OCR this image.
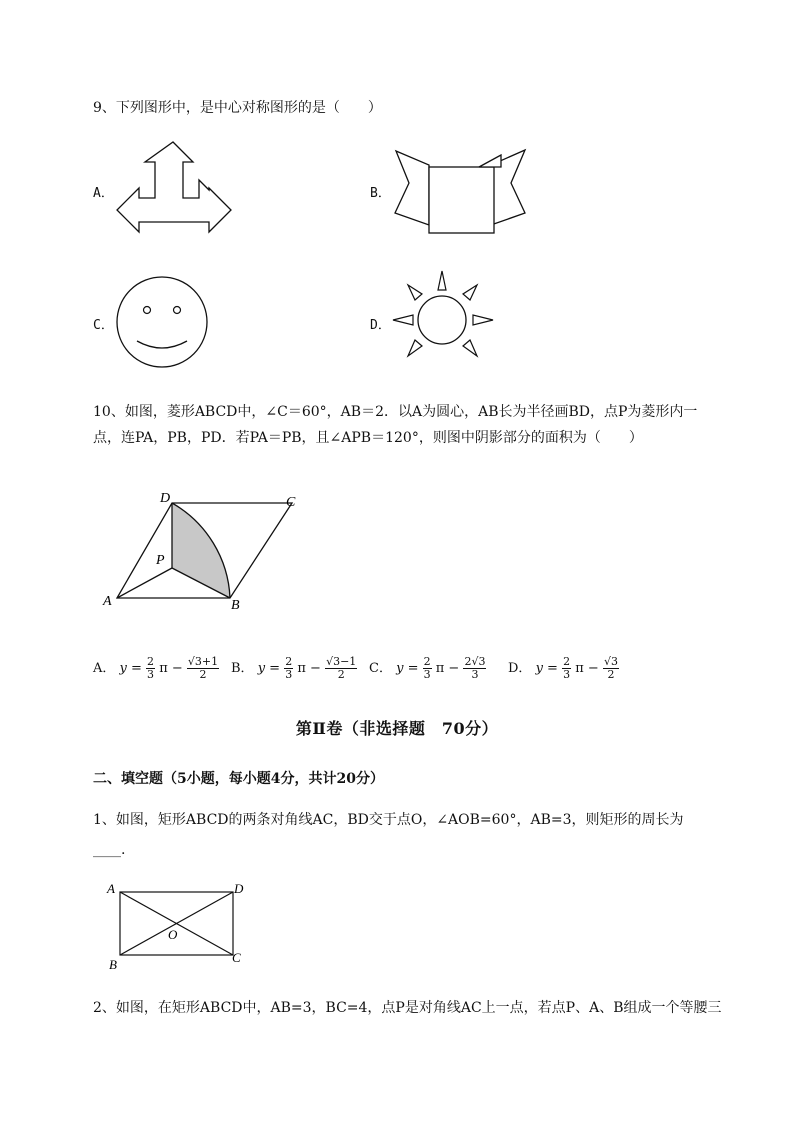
9、下列图形中，是中心对称图形的是（　　）
A．	B．
C．	D．
10、如图，菱形ABCD中，∠C＝60°，AB＝2．以A为圆心，AB长为半径画BD，点P为菱形内一
点，连PA，PB，PD．若PA＝PB，且∠APB＝120°，则图中阴影部分的面积为（　　）
D	C
P
A	B
A． $y = \frac{2}{3}$ $\pi - \frac{√3+1}{2}$ B． $y = \frac{2}{3}$ $\pi - \frac{√3-1}{2}$ C． $y = \frac{2}{3}$ $\pi - \frac{2√3}{3}$ D． $y = \frac{2}{3}$ $\pi - \frac{√3}{2}$
第Ⅱ卷（非选择题　70分）
二、填空题（5小题，每小题4分，共计20分）
1、如图，矩形ABCD的两条对角线AC，BD交于点O，∠AOB=60°，AB=3，则矩形的周长为
____.
A	D
O
B	C
2、如图，在矩形ABCD中，AB=3，BC=4，点P是对角线AC上一点，若点P、A、B组成一个等腰三
